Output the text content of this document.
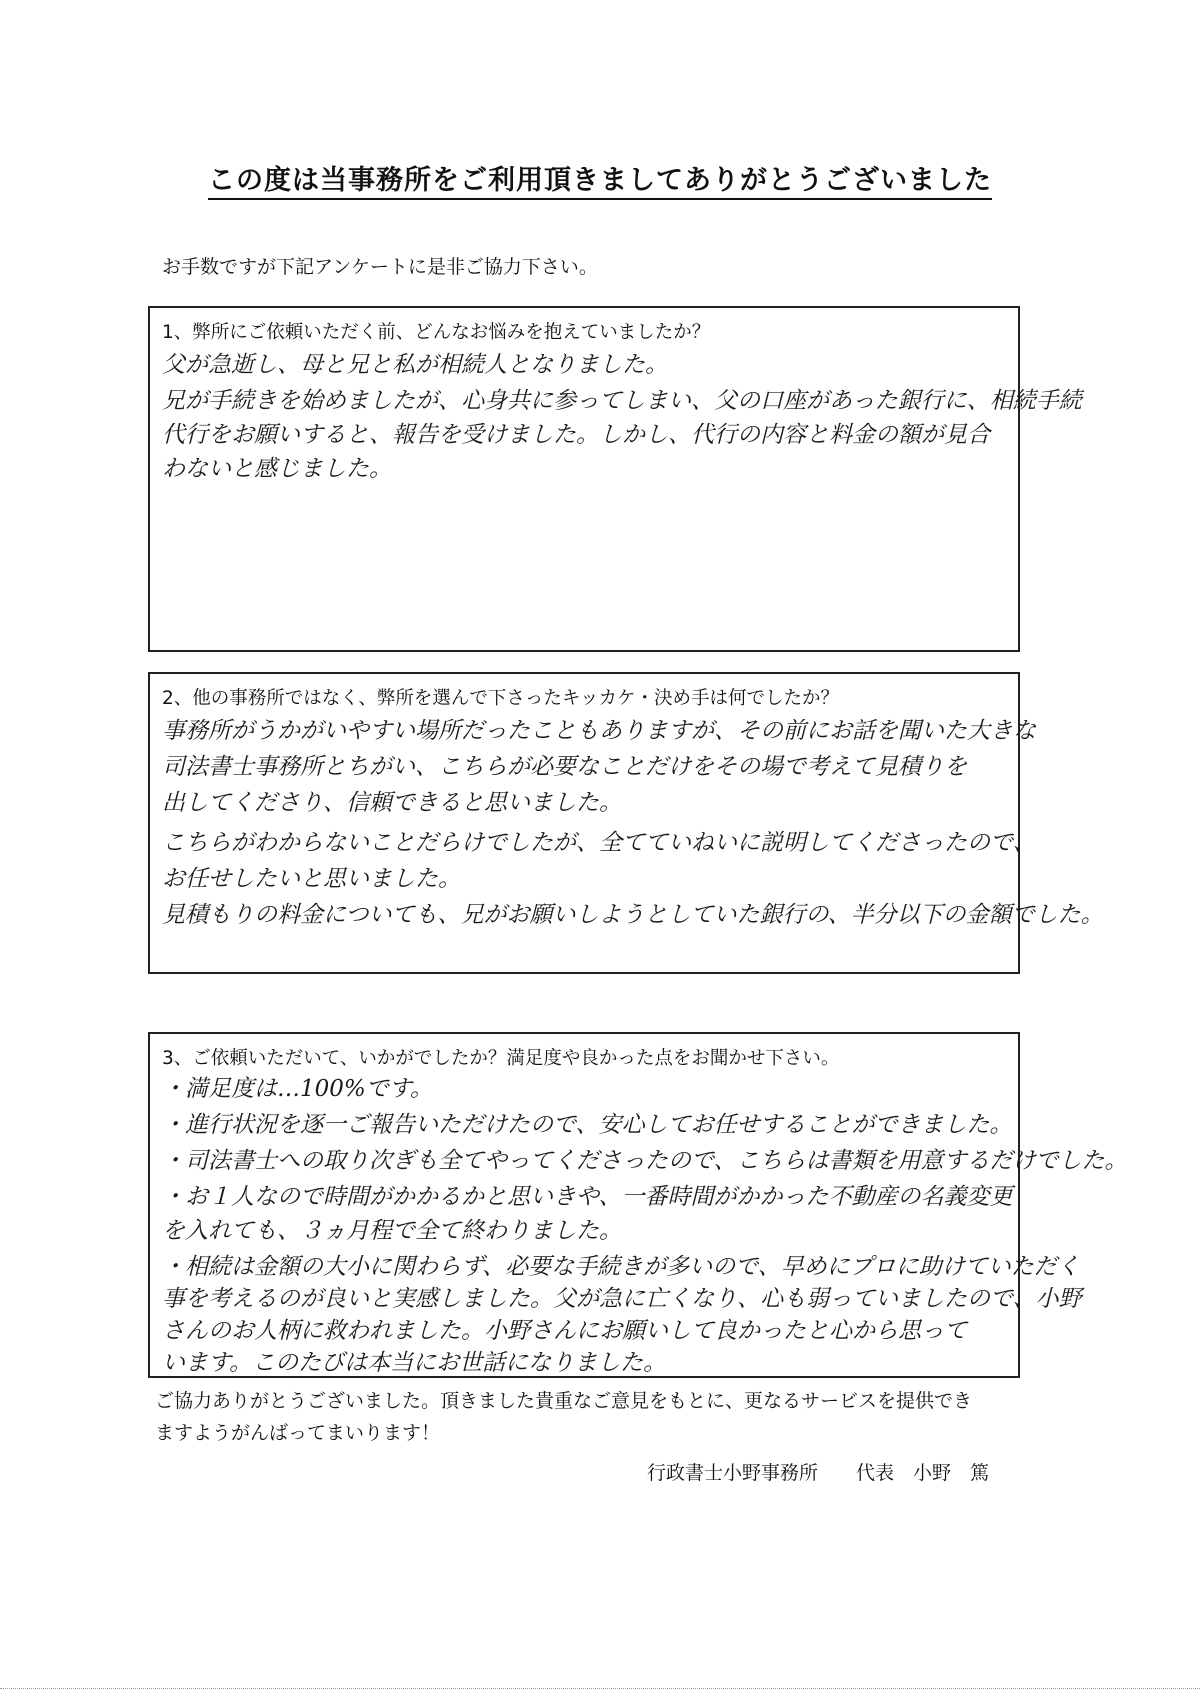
この度は当事務所をご利用頂きましてありがとうございました
お手数ですが下記アンケートに是非ご協力下さい。
1、弊所にご依頼いただく前、どんなお悩みを抱えていましたか？
父が急逝し、母と兄と私が相続人となりました。
兄が手続きを始めましたが、心身共に参ってしまい、父の口座があった銀行に、相続手続
代行をお願いすると、報告を受けました。しかし、代行の内容と料金の額が見合
わないと感じました。
2、他の事務所ではなく、弊所を選んで下さったキッカケ・決め手は何でしたか？
事務所がうかがいやすい場所だったこともありますが、その前にお話を聞いた大きな
司法書士事務所とちがい、こちらが必要なことだけをその場で考えて見積りを
出してくださり、信頼できると思いました。
こちらがわからないことだらけでしたが、全てていねいに説明してくださったので、
お任せしたいと思いました。
見積もりの料金についても、兄がお願いしようとしていた銀行の、半分以下の金額でした。
3、ご依頼いただいて、いかがでしたか？満足度や良かった点をお聞かせ下さい。
・満足度は…100%です。
・進行状況を逐一ご報告いただけたので、安心してお任せすることができました。
・司法書士への取り次ぎも全てやってくださったので、こちらは書類を用意するだけでした。
・お１人なので時間がかかるかと思いきや、一番時間がかかった不動産の名義変更
を入れても、３ヵ月程で全て終わりました。
・相続は金額の大小に関わらず、必要な手続きが多いので、早めにプロに助けていただく
事を考えるのが良いと実感しました。父が急に亡くなり、心も弱っていましたので、小野
さんのお人柄に救われました。小野さんにお願いして良かったと心から思って
います。このたびは本当にお世話になりました。
ご協力ありがとうございました。頂きました貴重なご意見をもとに、更なるサービスを提供でき
ますようがんばってまいります！
行政書士小野事務所　　代表　小野　篤
